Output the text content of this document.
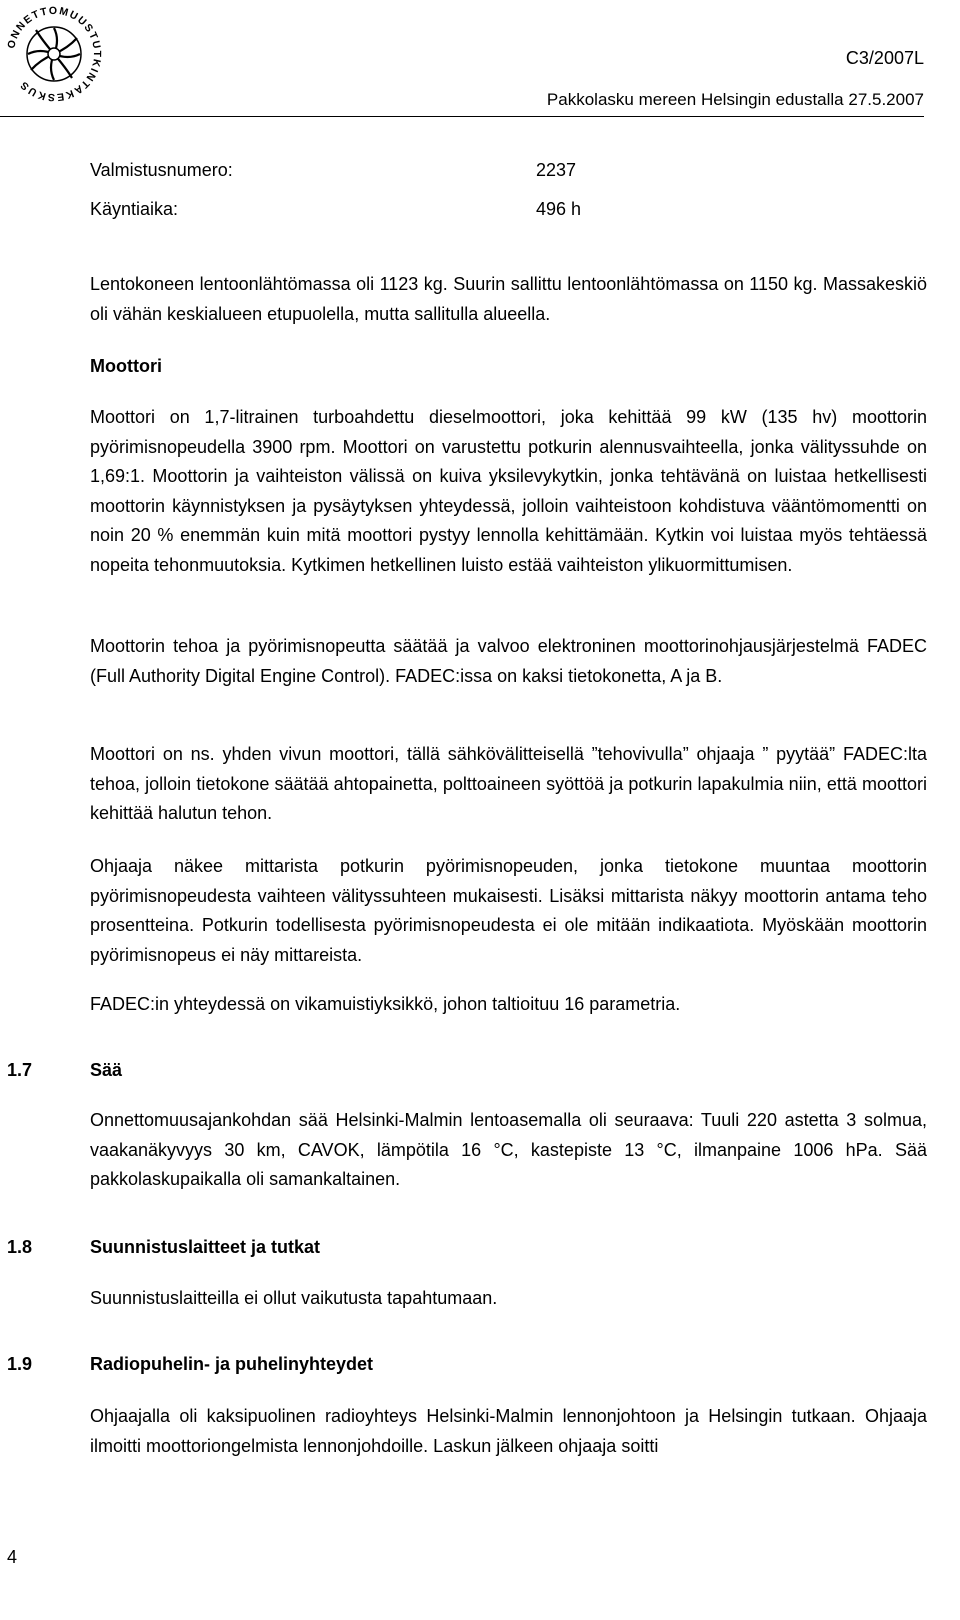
ONNETTOMUUSTUTKINTAKESKUS
C3/2007L
Pakkolasku mereen Helsingin edustalla 27.5.2007
Valmistusnumero:	2237
Käyntiaika:	496 h

Lentokoneen lentoonlähtömassa oli 1123 kg. Suurin sallittu lentoonlähtömassa on 1150 kg. Massakeskiö oli vähän keskialueen etupuolella, mutta sallitulla alueella.

Moottori

Moottori on 1,7-litrainen turboahdettu dieselmoottori, joka kehittää 99 kW (135 hv) moottorin pyörimisnopeudella 3900 rpm. Moottori on varustettu potkurin alennusvaihteella, jonka välityssuhde on 1,69:1. Moottorin ja vaihteiston välissä on kuiva yksilevykytkin, jonka tehtävänä on luistaa hetkellisesti moottorin käynnistyksen ja pysäytyksen yhteydessä, jolloin vaihteistoon kohdistuva vääntömomentti on noin 20 % enemmän kuin mitä moottori pystyy lennolla kehittämään. Kytkin voi luistaa myös tehtäessä nopeita tehonmuutoksia. Kytkimen hetkellinen luisto estää vaihteiston ylikuormittumisen.

Moottorin tehoa ja pyörimisnopeutta säätää ja valvoo elektroninen moottorinohjausjärjestelmä FADEC (Full Authority Digital Engine Control). FADEC:issa on kaksi tietokonetta, A ja B.

Moottori on ns. yhden vivun moottori, tällä sähkövälitteisellä ”tehovivulla” ohjaaja ” pyytää” FADEC:lta tehoa, jolloin tietokone säätää ahtopainetta, polttoaineen syöttöä ja potkurin lapakulmia niin, että moottori kehittää halutun tehon.

Ohjaaja näkee mittarista potkurin pyörimisnopeuden, jonka tietokone muuntaa moottorin pyörimisnopeudesta vaihteen välityssuhteen mukaisesti. Lisäksi mittarista näkyy moottorin antama teho prosentteina. Potkurin todellisesta pyörimisnopeudesta ei ole mitään indikaatiota. Myöskään moottorin pyörimisnopeus ei näy mittareista.

FADEC:in yhteydessä on vikamuistiyksikkö, johon taltioituu 16 parametria.

1.7	Sää

Onnettomuusajankohdan sää Helsinki-Malmin lentoasemalla oli seuraava: Tuuli 220 astetta 3 solmua, vaakanäkyvyys 30 km, CAVOK, lämpötila 16 °C, kastepiste 13 °C, ilmanpaine 1006 hPa. Sää pakkolaskupaikalla oli samankaltainen.

1.8	Suunnistuslaitteet ja tutkat

Suunnistuslaitteilla ei ollut vaikutusta tapahtumaan.

1.9	Radiopuhelin- ja puhelinyhteydet

Ohjaajalla oli kaksipuolinen radioyhteys Helsinki-Malmin lennonjohtoon ja Helsingin tutkaan. Ohjaaja ilmoitti moottoriongelmista lennonjohdoille. Laskun jälkeen ohjaaja soitti

4
